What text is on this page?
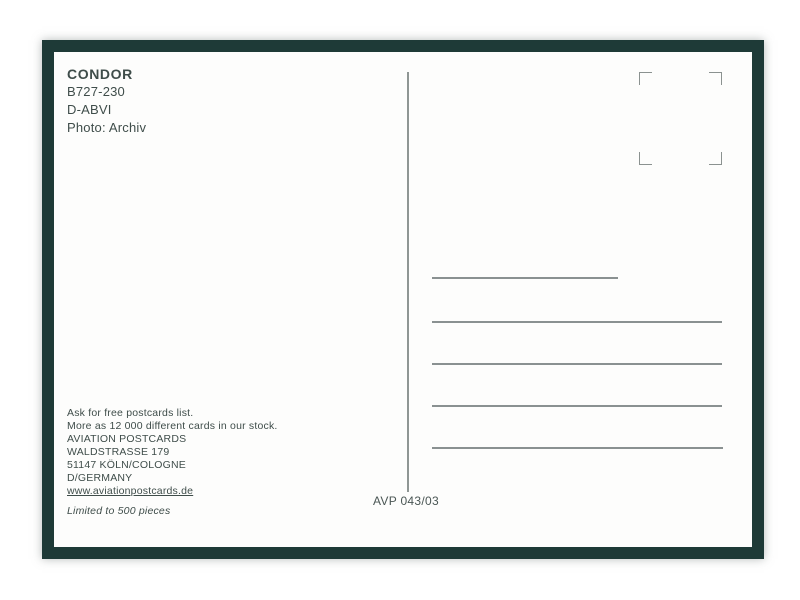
CONDOR
B727-230
D-ABVI
Photo: Archiv
AVP 043/03
Ask for free postcards list.
More as 12 000 different cards in our stock.
AVIATION POSTCARDS
WALDSTRASSE 179
51147 KÖLN/COLOGNE
D/GERMANY
www.aviationpostcards.de
Limited to 500 pieces
